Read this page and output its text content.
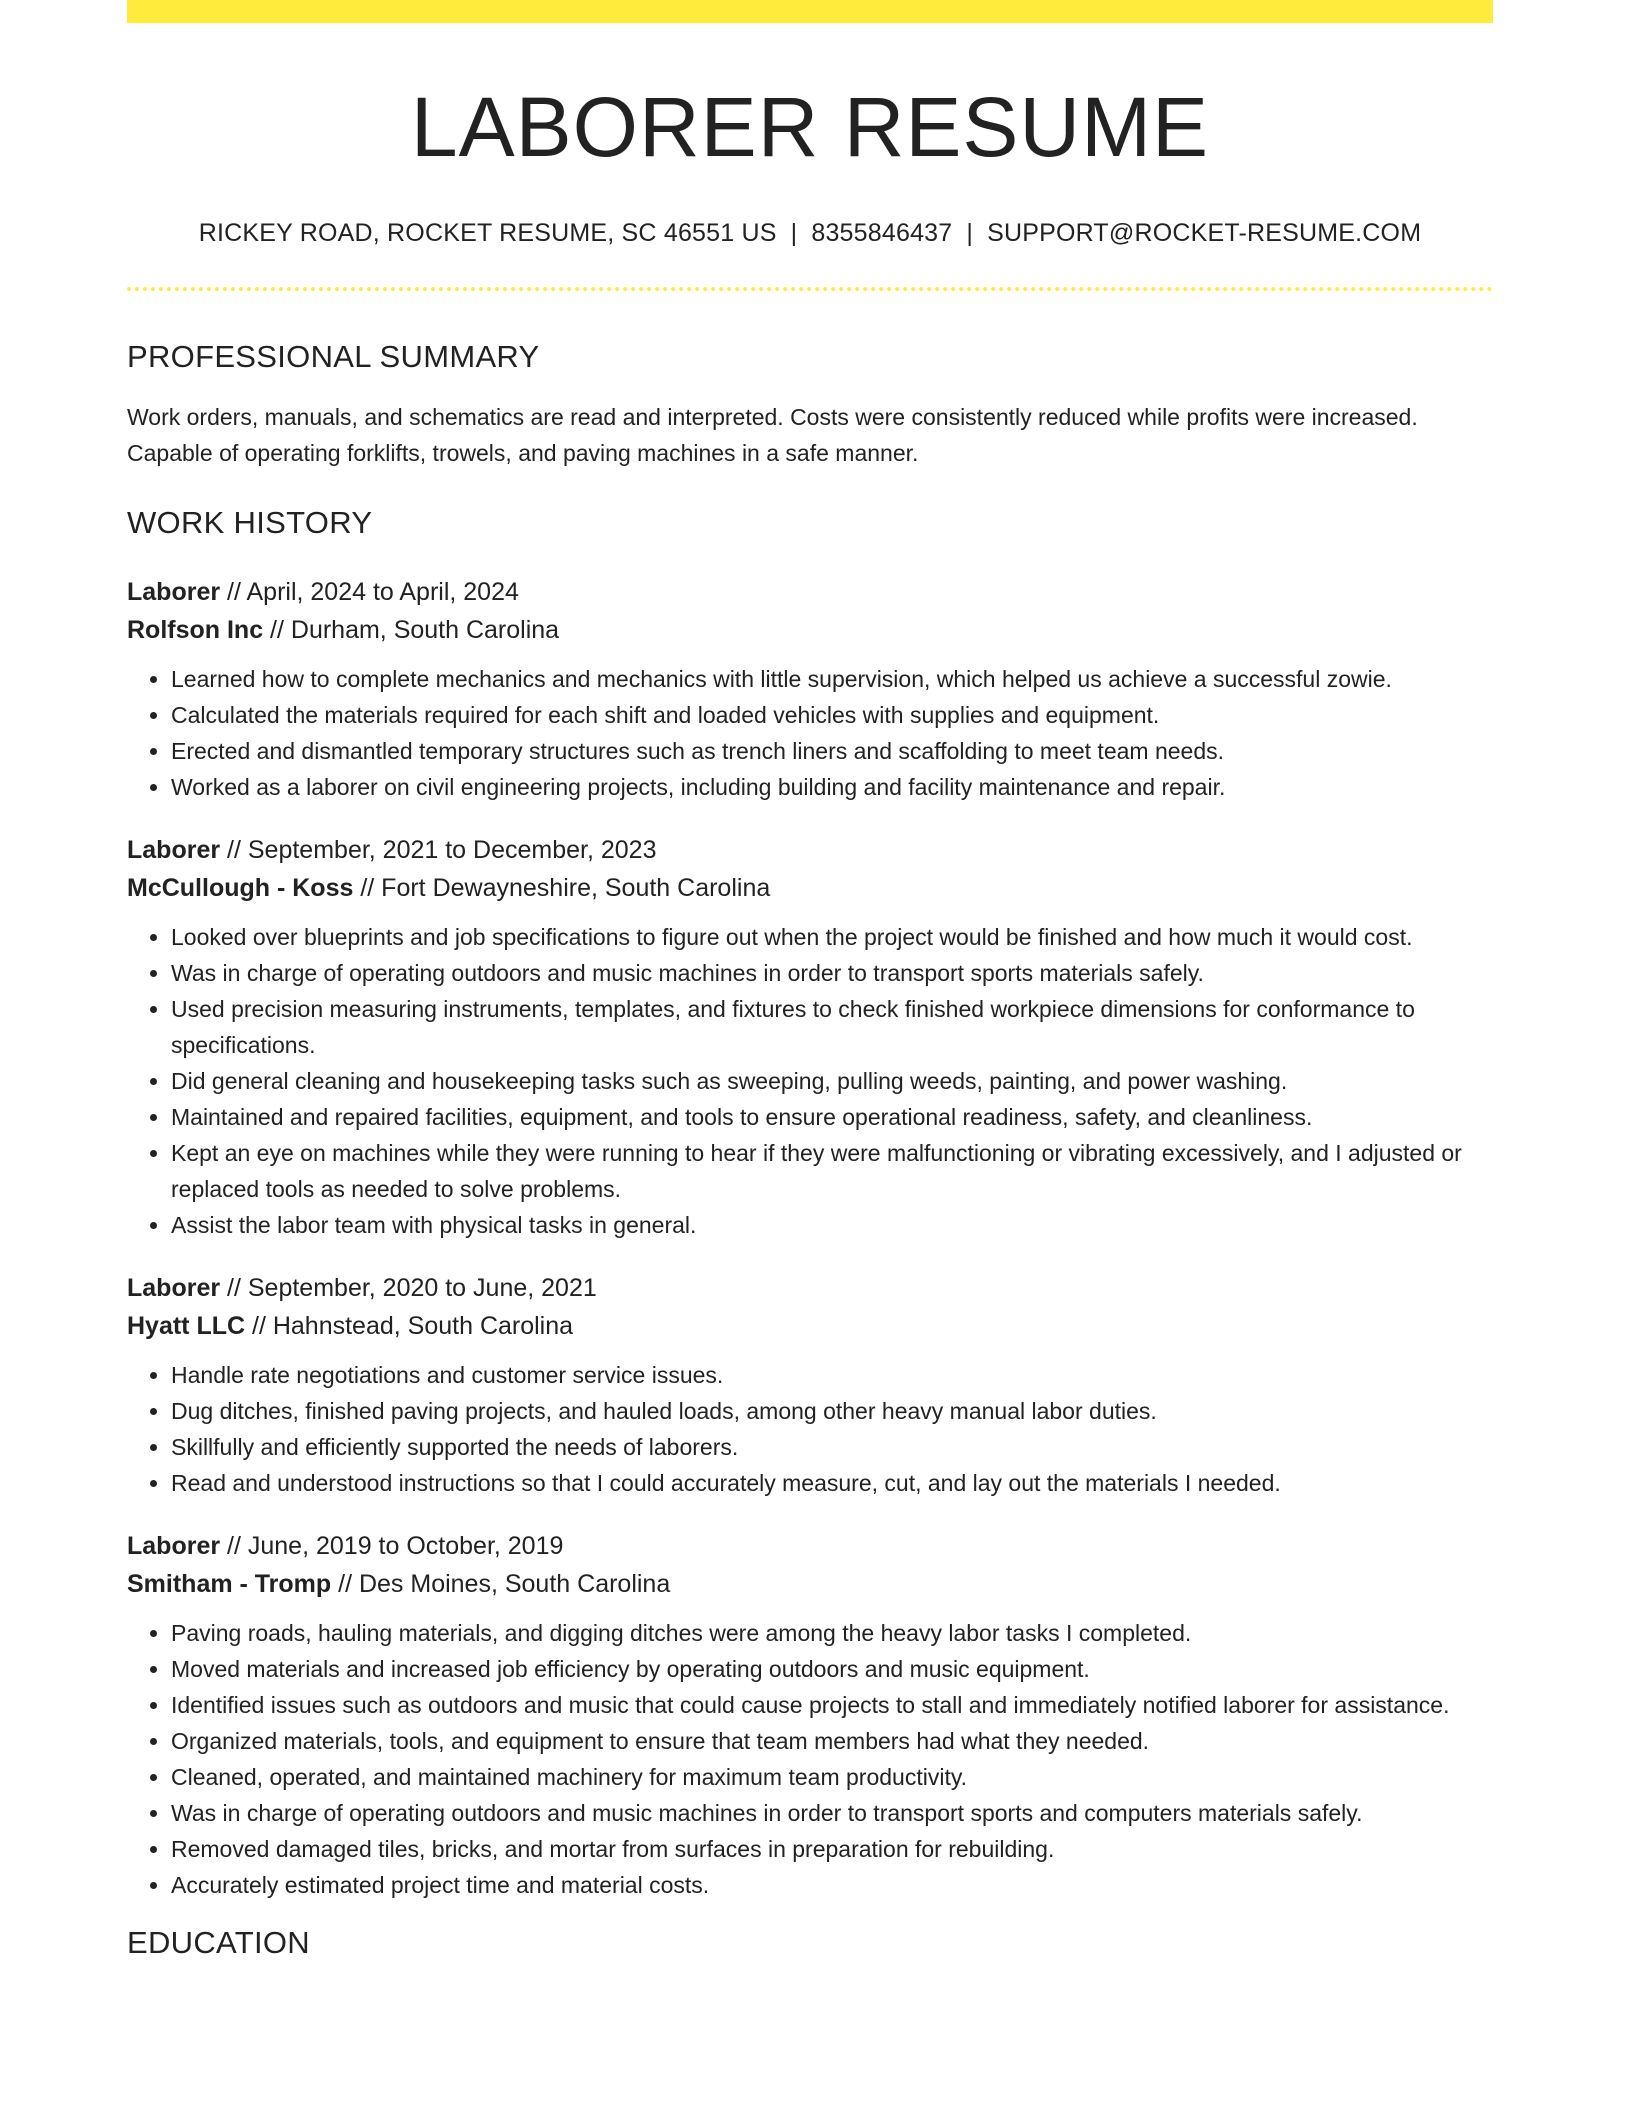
LABORER RESUME
RICKEY ROAD, ROCKET RESUME, SC 46551 US | 8355846437 | SUPPORT@ROCKET-RESUME.COM
PROFESSIONAL SUMMARY
Work orders, manuals, and schematics are read and interpreted. Costs were consistently reduced while profits were increased. Capable of operating forklifts, trowels, and paving machines in a safe manner.
WORK HISTORY
Laborer // April, 2024 to April, 2024
Rolfson Inc // Durham, South Carolina
• Learned how to complete mechanics and mechanics with little supervision, which helped us achieve a successful zowie.
• Calculated the materials required for each shift and loaded vehicles with supplies and equipment.
• Erected and dismantled temporary structures such as trench liners and scaffolding to meet team needs.
• Worked as a laborer on civil engineering projects, including building and facility maintenance and repair.
Laborer // September, 2021 to December, 2023
McCullough - Koss // Fort Dewayneshire, South Carolina
• Looked over blueprints and job specifications to figure out when the project would be finished and how much it would cost.
• Was in charge of operating outdoors and music machines in order to transport sports materials safely.
• Used precision measuring instruments, templates, and fixtures to check finished workpiece dimensions for conformance to specifications.
• Did general cleaning and housekeeping tasks such as sweeping, pulling weeds, painting, and power washing.
• Maintained and repaired facilities, equipment, and tools to ensure operational readiness, safety, and cleanliness.
• Kept an eye on machines while they were running to hear if they were malfunctioning or vibrating excessively, and I adjusted or replaced tools as needed to solve problems.
• Assist the labor team with physical tasks in general.
Laborer // September, 2020 to June, 2021
Hyatt LLC // Hahnstead, South Carolina
• Handle rate negotiations and customer service issues.
• Dug ditches, finished paving projects, and hauled loads, among other heavy manual labor duties.
• Skillfully and efficiently supported the needs of laborers.
• Read and understood instructions so that I could accurately measure, cut, and lay out the materials I needed.
Laborer // June, 2019 to October, 2019
Smitham - Tromp // Des Moines, South Carolina
• Paving roads, hauling materials, and digging ditches were among the heavy labor tasks I completed.
• Moved materials and increased job efficiency by operating outdoors and music equipment.
• Identified issues such as outdoors and music that could cause projects to stall and immediately notified laborer for assistance.
• Organized materials, tools, and equipment to ensure that team members had what they needed.
• Cleaned, operated, and maintained machinery for maximum team productivity.
• Was in charge of operating outdoors and music machines in order to transport sports and computers materials safely.
• Removed damaged tiles, bricks, and mortar from surfaces in preparation for rebuilding.
• Accurately estimated project time and material costs.
EDUCATION
